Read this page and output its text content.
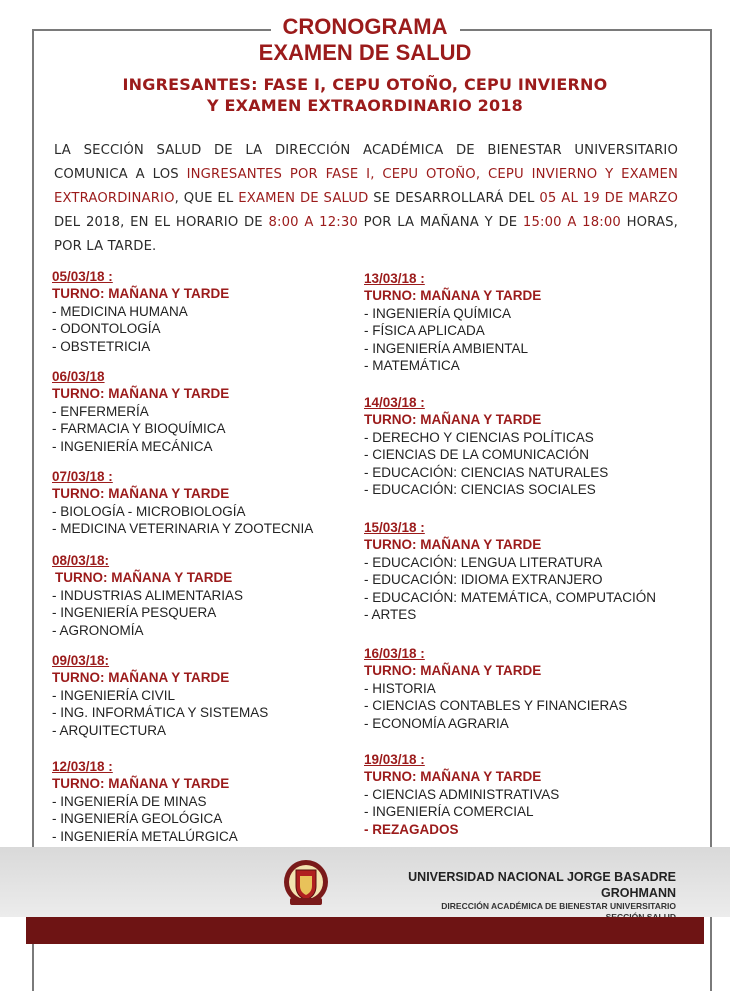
CRONOGRAMA
EXAMEN DE SALUD
INGRESANTES: FASE I, CEPU OTOÑO, CEPU INVIERNO
Y EXAMEN EXTRAORDINARIO 2018
LA SECCIÓN SALUD DE LA DIRECCIÓN ACADÉMICA DE BIENESTAR UNIVERSITARIO COMUNICA A LOS INGRESANTES POR FASE I, CEPU OTOÑO, CEPU INVIERNO Y EXAMEN EXTRAORDINARIO, QUE EL EXAMEN DE SALUD SE DESARROLLARÁ DEL 05 AL 19 DE MARZO DEL 2018, EN EL HORARIO DE 8:00 A 12:30 POR LA MAÑANA Y DE 15:00 A 18:00 HORAS, POR LA TARDE.
05/03/18 :
TURNO: MAÑANA Y TARDE
- MEDICINA HUMANA
- ODONTOLOGÍA
- OBSTETRICIA
06/03/18
TURNO: MAÑANA Y TARDE
- ENFERMERÍA
- FARMACIA Y BIOQUÍMICA
- INGENIERÍA MECÁNICA
07/03/18 :
TURNO: MAÑANA Y TARDE
- BIOLOGÍA - MICROBIOLOGÍA
- MEDICINA VETERINARIA Y ZOOTECNIA
08/03/18:
TURNO: MAÑANA Y TARDE
- INDUSTRIAS ALIMENTARIAS
- INGENIERÍA PESQUERA
- AGRONOMÍA
09/03/18:
TURNO: MAÑANA Y TARDE
- INGENIERÍA CIVIL
- ING. INFORMÁTICA Y SISTEMAS
- ARQUITECTURA
12/03/18 :
TURNO: MAÑANA Y TARDE
- INGENIERÍA DE MINAS
- INGENIERÍA GEOLÓGICA
- INGENIERÍA METALÚRGICA
13/03/18 :
TURNO: MAÑANA Y TARDE
- INGENIERÍA QUÍMICA
- FÍSICA APLICADA
- INGENIERÍA AMBIENTAL
- MATEMÁTICA
14/03/18 :
TURNO: MAÑANA Y TARDE
- DERECHO Y CIENCIAS POLÍTICAS
- CIENCIAS DE LA COMUNICACIÓN
- EDUCACIÓN: CIENCIAS NATURALES
- EDUCACIÓN: CIENCIAS SOCIALES
15/03/18 :
TURNO: MAÑANA Y TARDE
- EDUCACIÓN: LENGUA LITERATURA
- EDUCACIÓN: IDIOMA EXTRANJERO
- EDUCACIÓN: MATEMÁTICA, COMPUTACIÓN
- ARTES
16/03/18 :
TURNO: MAÑANA Y TARDE
- HISTORIA
- CIENCIAS CONTABLES Y FINANCIERAS
- ECONOMÍA AGRARIA
19/03/18 :
TURNO: MAÑANA Y TARDE
- CIENCIAS ADMINISTRATIVAS
- INGENIERÍA COMERCIAL
- REZAGADOS
UNIVERSIDAD NACIONAL JORGE BASADRE GROHMANN
DIRECCIÓN ACADÉMICA DE BIENESTAR UNIVERSITARIO
